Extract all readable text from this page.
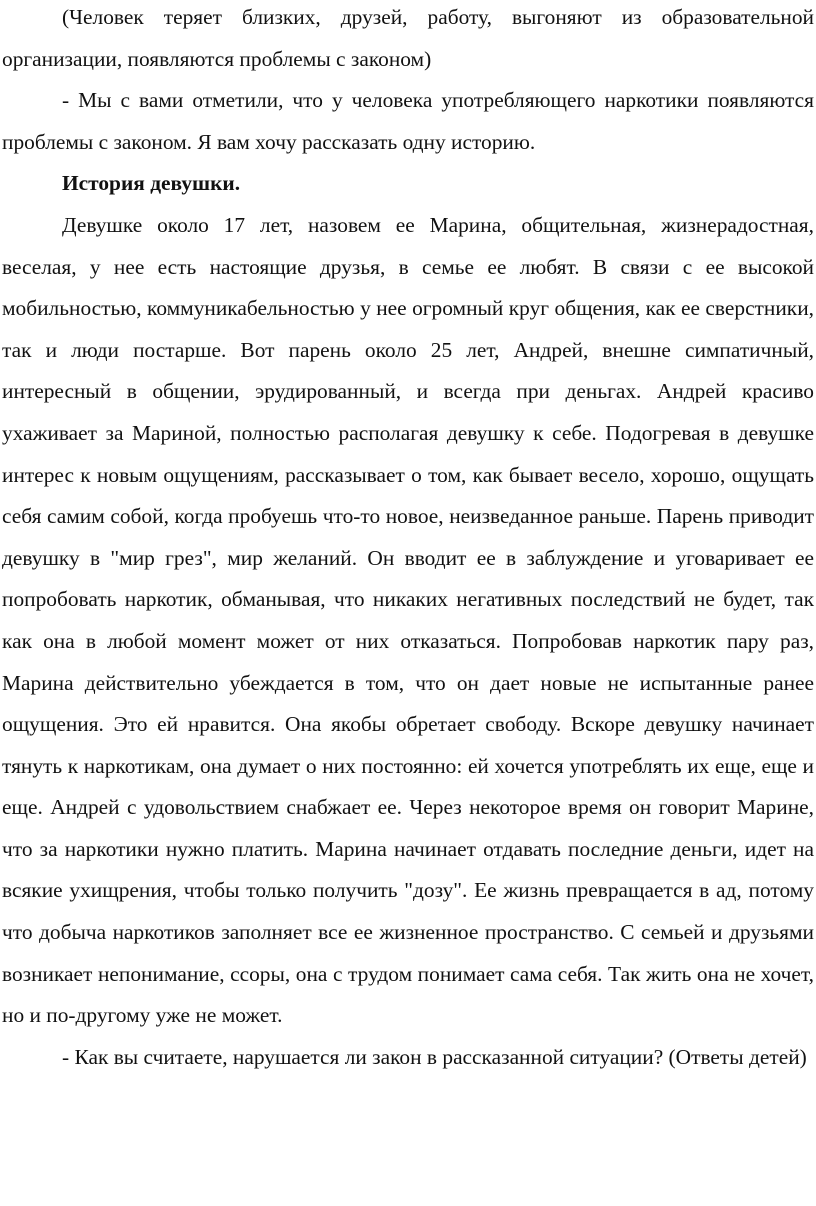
(Человек теряет близких, друзей, работу, выгоняют из образовательной организации, появляются проблемы с законом)

- Мы с вами отметили, что у человека употребляющего наркотики появляются проблемы с законом. Я вам хочу рассказать одну историю.

История девушки.

Девушке около 17 лет, назовем ее Марина, общительная, жизнерадостная, веселая, у нее есть настоящие друзья, в семье ее любят. В связи с ее высокой мобильностью, коммуникабельностью у нее огромный круг общения, как ее сверстники, так и люди постарше. Вот парень около 25 лет, Андрей, внешне симпатичный, интересный в общении, эрудированный, и всегда при деньгах. Андрей красиво ухаживает за Мариной, полностью располагая девушку к себе. Подогревая в девушке интерес к новым ощущениям, рассказывает о том, как бывает весело, хорошо, ощущать себя самим собой, когда пробуешь что-то новое, неизведанное раньше. Парень приводит девушку в "мир грез", мир желаний. Он вводит ее в заблуждение и уговаривает ее попробовать наркотик, обманывая, что никаких негативных последствий не будет, так как она в любой момент может от них отказаться. Попробовав наркотик пару раз, Марина действительно убеждается в том, что он дает новые не испытанные ранее ощущения. Это ей нравится. Она якобы обретает свободу. Вскоре девушку начинает тянуть к наркотикам, она думает о них постоянно: ей хочется употреблять их еще, еще и еще. Андрей с удовольствием снабжает ее. Через некоторое время он говорит Марине, что за наркотики нужно платить. Марина начинает отдавать последние деньги, идет на всякие ухищрения, чтобы только получить "дозу". Ее жизнь превращается в ад, потому что добыча наркотиков заполняет все ее жизненное пространство. С семьей и друзьями возникает непонимание, ссоры, она с трудом понимает сама себя. Так жить она не хочет, но и по-другому уже не может.

- Как вы считаете, нарушается ли закон в рассказанной ситуации? (Ответы детей)
